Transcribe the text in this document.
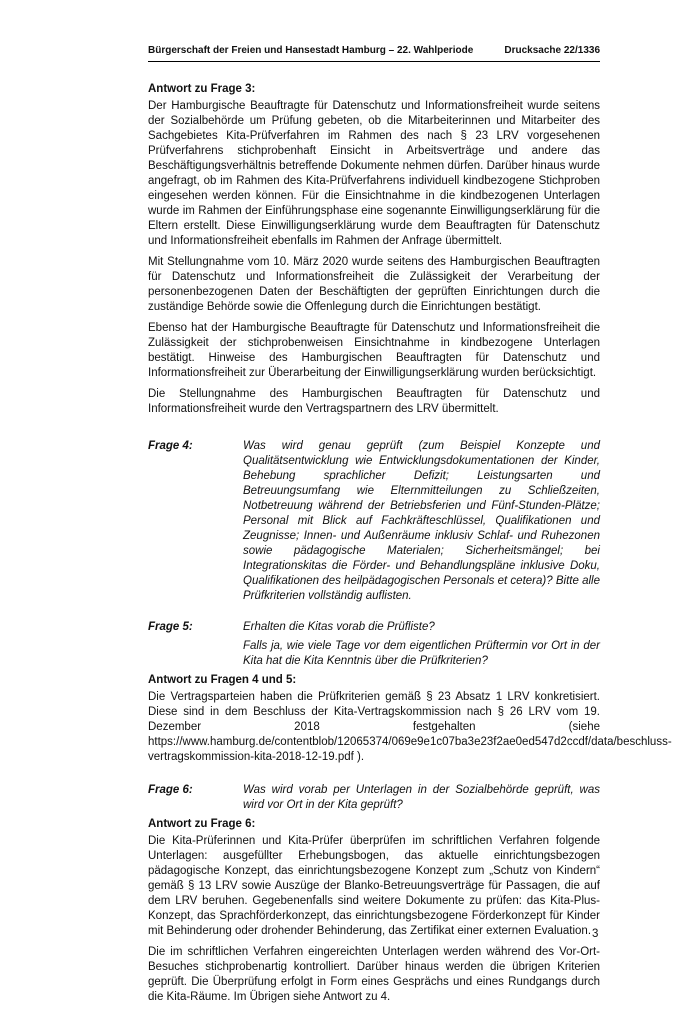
Bürgerschaft der Freien und Hansestadt Hamburg – 22. Wahlperiode	Drucksache 22/1336
Antwort zu Frage 3:

Der Hamburgische Beauftragte für Datenschutz und Informationsfreiheit wurde seitens der Sozialbehörde um Prüfung gebeten, ob die Mitarbeiterinnen und Mitarbeiter des Sachgebietes Kita-Prüfverfahren im Rahmen des nach § 23 LRV vorgesehenen Prüfverfahrens stichprobenhaft Einsicht in Arbeitsverträge und andere das Beschäftigungsverhältnis betreffende Dokumente nehmen dürfen. Darüber hinaus wurde angefragt, ob im Rahmen des Kita-Prüfverfahrens individuell kindbezogene Stichproben eingesehen werden können. Für die Einsichtnahme in die kindbezogenen Unterlagen wurde im Rahmen der Einführungsphase eine sogenannte Einwilligungserklärung für die Eltern erstellt. Diese Einwilligungserklärung wurde dem Beauftragten für Datenschutz und Informationsfreiheit ebenfalls im Rahmen der Anfrage übermittelt.

Mit Stellungnahme vom 10. März 2020 wurde seitens des Hamburgischen Beauftragten für Datenschutz und Informationsfreiheit die Zulässigkeit der Verarbeitung der personenbezogenen Daten der Beschäftigten der geprüften Einrichtungen durch die zuständige Behörde sowie die Offenlegung durch die Einrichtungen bestätigt.

Ebenso hat der Hamburgische Beauftragte für Datenschutz und Informationsfreiheit die Zulässigkeit der stichprobenweisen Einsichtnahme in kindbezogene Unterlagen bestätigt. Hinweise des Hamburgischen Beauftragten für Datenschutz und Informationsfreiheit zur Überarbeitung der Einwilligungserklärung wurden berücksichtigt.

Die Stellungnahme des Hamburgischen Beauftragten für Datenschutz und Informationsfreiheit wurde den Vertragspartnern des LRV übermittelt.

Frage 4:	Was wird genau geprüft (zum Beispiel Konzepte und Qualitätsentwicklung wie Entwicklungsdokumentationen der Kinder, Behebung sprachlicher Defizit; Leistungsarten und Betreuungsumfang wie Elternmitteilungen zu Schließzeiten, Notbetreuung während der Betriebsferien und Fünf-Stunden-Plätze; Personal mit Blick auf Fachkräfteschlüssel, Qualifikationen und Zeugnisse; Innen- und Außenräume inklusiv Schlaf- und Ruhezonen sowie pädagogische Materialen; Sicherheitsmängel; bei Integrationskitas die Förder- und Behandlungspläne inklusive Doku, Qualifikationen des heilpädagogischen Personals et cetera)? Bitte alle Prüfkriterien vollständig auflisten.

Frage 5:	Erhalten die Kitas vorab die Prüfliste?

Falls ja, wie viele Tage vor dem eigentlichen Prüftermin vor Ort in der Kita hat die Kita Kenntnis über die Prüfkriterien?

Antwort zu Fragen 4 und 5:

Die Vertragsparteien haben die Prüfkriterien gemäß § 23 Absatz 1 LRV konkretisiert. Diese sind in dem Beschluss der Kita-Vertragskommission nach § 26 LRV vom 19. Dezember 2018 festgehalten (siehe https://www.hamburg.de/contentblob/12065374/069e9e1c07ba3e23f2ae0ed547d2ccdf/data/beschluss-vertragskommission-kita-2018-12-19.pdf ).

Frage 6:	Was wird vorab per Unterlagen in der Sozialbehörde geprüft, was wird vor Ort in der Kita geprüft?

Antwort zu Frage 6:

Die Kita-Prüferinnen und Kita-Prüfer überprüfen im schriftlichen Verfahren folgende Unterlagen: ausgefüllter Erhebungsbogen, das aktuelle einrichtungsbezogen pädagogische Konzept, das einrichtungsbezogene Konzept zum „Schutz von Kindern“ gemäß § 13 LRV sowie Auszüge der Blanko-Betreuungsverträge für Passagen, die auf dem LRV beruhen. Gegebenenfalls sind weitere Dokumente zu prüfen: das Kita-Plus-Konzept, das Sprachförderkonzept, das einrichtungsbezogene Förderkonzept für Kinder mit Behinderung oder drohender Behinderung, das Zertifikat einer externen Evaluation.

Die im schriftlichen Verfahren eingereichten Unterlagen werden während des Vor-Ort-Besuches stichprobenartig kontrolliert. Darüber hinaus werden die übrigen Kriterien geprüft. Die Überprüfung erfolgt in Form eines Gesprächs und eines Rundgangs durch die Kita-Räume. Im Übrigen siehe Antwort zu 4.

3
